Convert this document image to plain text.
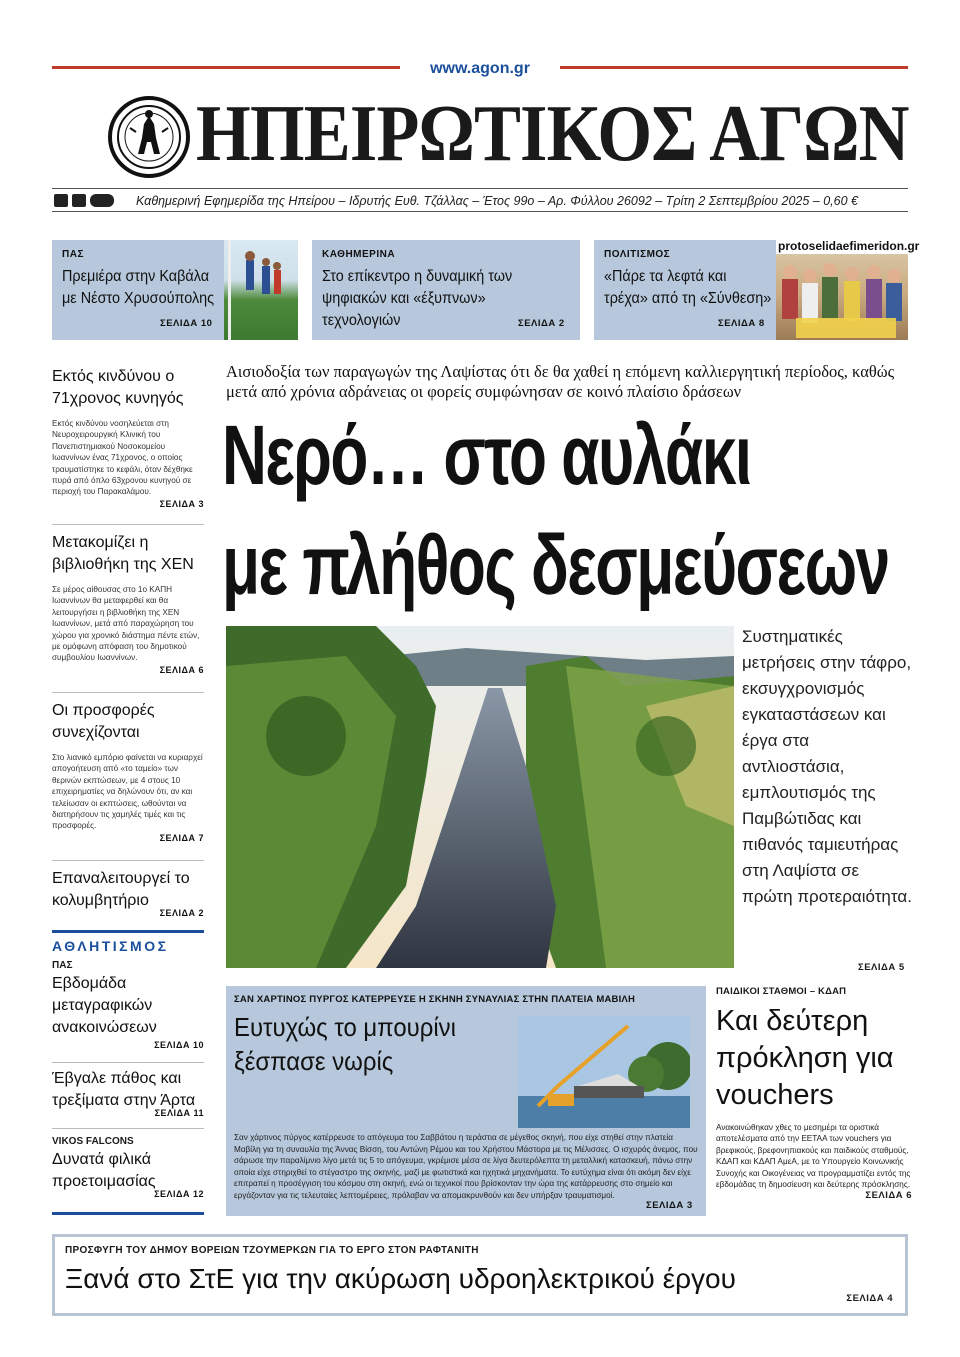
www.agon.gr
ΗΠΕΙΡΩΤΙΚΟΣ ΑΓΩΝ
Καθημερινή Εφημερίδα της Ηπείρου – Ιδρυτής Ευθ. Τζάλλας – Έτος 99ο – Αρ. Φύλλου 26092 – Τρίτη 2 Σεπτεμβρίου 2025 – 0,60 €
ΠΑΣ
Πρεμιέρα στην Καβάλα
με Νέστο Χρυσούπολης
ΣΕΛΙΔΑ 10
ΚΑΘΗΜΕΡΙΝΑ
Στο επίκεντρο η δυναμική των
ψηφιακών και «έξυπνων» τεχνολογιών	ΣΕΛΙΔΑ 2
ΠΟΛΙΤΙΣΜΟΣ
«Πάρε τα λεφτά και
τρέχα» από τη «Σύνθεση»
ΣΕΛΙΔΑ 8
protoselidaefimeridon.gr
Εκτός κινδύνου ο 71χρονος κυνηγός
Εκτός κινδύνου νοσηλεύεται στη Νευροχειρουργική Κλινική του Πανεπιστημιακού Νοσοκομείου Ιωαννίνων ένας 71χρονος, ο οποίος τραυματίστηκε το κεφάλι, όταν δέχθηκε πυρά από όπλο 63χρονου κυνηγού σε περιοχή του Παρακαλάμου.
ΣΕΛΙΔΑ 3
Μετακομίζει η βιβλιοθήκη της ΧΕΝ
Σε μέρος αίθουσας στο 1ο ΚΑΠΗ Ιωαννίνων θα μεταφερθεί και θα λειτουργήσει η βιβλιοθήκη της ΧΕΝ Ιωαννίνων, μετά από παραχώρηση του χώρου για χρονικό διάστημα πέντε ετών, με ομόφωνη απόφαση του δημοτικού συμβουλίου Ιωαννίνων.
ΣΕΛΙΔΑ 6
Οι προσφορές συνεχίζονται
Στο λιανικό εμπόριο φαίνεται να κυριαρχεί απογοήτευση από «το ταμείο» των θερινών εκπτώσεων, με 4 στους 10 επιχειρηματίες να δηλώνουν ότι, αν και τελείωσαν οι εκπτώσεις, ωθούνται να διατηρήσουν τις χαμηλές τιμές και τις προσφορές.
ΣΕΛΙΔΑ 7
Επαναλειτουργεί το κολυμβητήριο
ΣΕΛΙΔΑ 2
ΑΘΛΗΤΙΣΜΟΣ
ΠΑΣ
Εβδομάδα μεταγραφικών ανακοινώσεων
ΣΕΛΙΔΑ 10
Έβγαλε πάθος και τρεξίματα στην Άρτα
ΣΕΛΙΔΑ 11
VIKOS FALCONS
Δυνατά φιλικά προετοιμασίας
ΣΕΛΙΔΑ 12
Αισιοδοξία των παραγωγών της Λαψίστας ότι δε θα χαθεί η επόμενη καλλιεργητική περίοδος, καθώς μετά από χρόνια αδράνειας οι φορείς συμφώνησαν σε κοινό πλαίσιο δράσεων
Νερό… στο αυλάκι
με πλήθος δεσμεύσεων
Συστηματικές μετρήσεις στην τάφρο, εκσυγχρονισμός εγκαταστάσεων και έργα στα αντλιοστάσια, εμπλουτισμός της Παμβώτιδας και πιθανός ταμιευτήρας στη Λαψίστα σε πρώτη προτεραιότητα.
ΣΕΛΙΔΑ 5
ΣΑΝ ΧΑΡΤΙΝΟΣ ΠΥΡΓΟΣ ΚΑΤΕΡΡΕΥΣΕ Η ΣΚΗΝΗ ΣΥΝΑΥΛΙΑΣ ΣΤΗΝ ΠΛΑΤΕΙΑ ΜΑΒΙΛΗ
Ευτυχώς το μπουρίνι ξέσπασε νωρίς
Σαν χάρτινος πύργος κατέρρευσε το απόγευμα του Σαββάτου η τεράστια σε μέγεθος σκηνή, που είχε στηθεί στην πλατεία Μαβίλη για τη συναυλία της Άννας Βίσση, του Αντώνη Ρέμου και του Χρήστου Μάστορα με τις Μέλισσες. Ο ισχυρός άνεμος, που σάρωσε την παραλίμνιο λίγο μετά τις 5 το απόγευμα, γκρέμισε μέσα σε λίγα δευτερόλεπτα τη μεταλλική κατασκευή, πάνω στην οποία είχε στηριχθεί το στέγαστρο της σκηνής, μαζί με φωτιστικά και ηχητικά μηχανήματα. Το ευτύχημα είναι ότι ακόμη δεν είχε επιτραπεί η προσέγγιση του κόσμου στη σκηνή, ενώ οι τεχνικοί που βρίσκονταν την ώρα της κατάρρευσης στο σημείο και εργάζονταν για τις τελευταίες λεπτομέρειες, πρόλαβαν να απομακρυνθούν και δεν υπήρξαν τραυματισμοί.
ΣΕΛΙΔΑ 3
ΠΑΙΔΙΚΟΙ ΣΤΑΘΜΟΙ – ΚΔΑΠ
Και δεύτερη πρόκληση για vouchers
Ανακοινώθηκαν χθες το μεσημέρι τα οριστικά αποτελέσματα από την ΕΕΤΑΑ των vouchers για βρεφικούς, βρεφονηπιακούς και παιδικούς σταθμούς, ΚΔΑΠ και ΚΔΑΠ ΑμεΑ, με το Υπουργείο Κοινωνικής Συνοχής και Οικογένειας να προγραμματίζει εντός της εβδομάδας τη δημοσίευση και δεύτερης πρόσκλησης.
ΣΕΛΙΔΑ 6
ΠΡΟΣΦΥΓΗ ΤΟΥ ΔΗΜΟΥ ΒΟΡΕΙΩΝ ΤΖΟΥΜΕΡΚΩΝ ΓΙΑ ΤΟ ΕΡΓΟ ΣΤΟΝ ΡΑΦΤΑΝΙΤΗ
Ξανά στο ΣτΕ για την ακύρωση υδροηλεκτρικού έργου
ΣΕΛΙΔΑ 4
